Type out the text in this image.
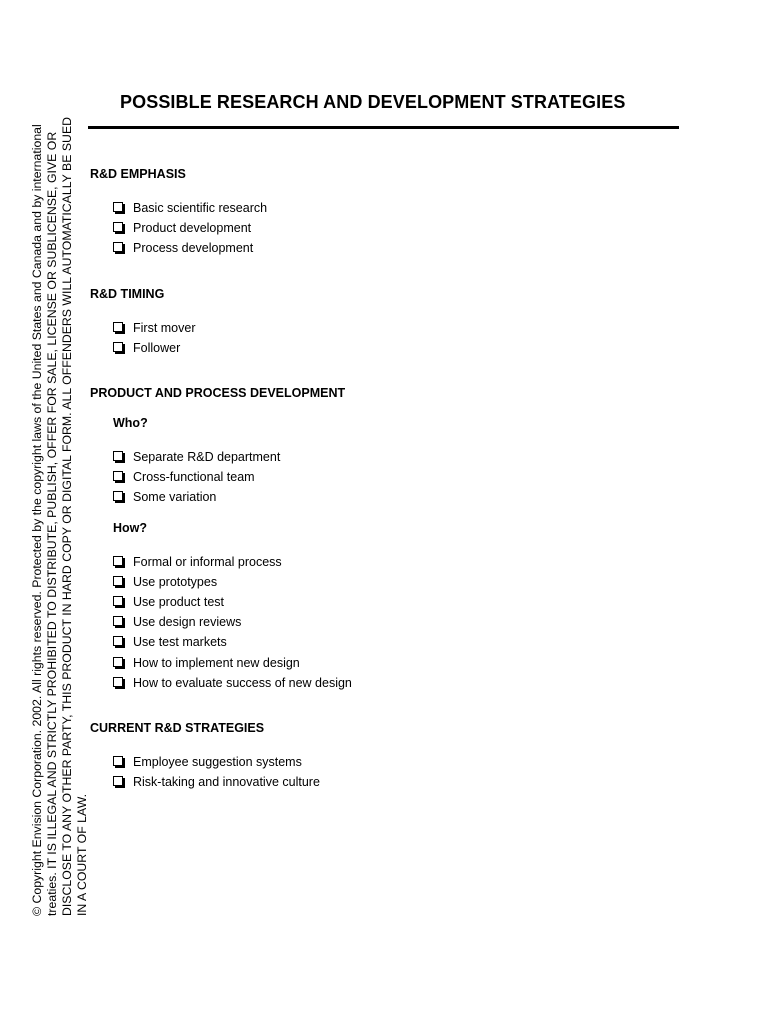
© Copyright Envision Corporation. 2002. All rights reserved. Protected by the copyright laws of the United States and Canada and by international treaties. IT IS ILLEGAL AND STRICTLY PROHIBITED TO DISTRIBUTE, PUBLISH, OFFER FOR SALE, LICENSE OR SUBLICENSE, GIVE OR DISCLOSE TO ANY OTHER PARTY, THIS PRODUCT IN HARD COPY OR DIGITAL FORM. ALL OFFENDERS WILL AUTOMATICALLY BE SUED IN A COURT OF LAW.
POSSIBLE RESEARCH AND DEVELOPMENT STRATEGIES
R&D EMPHASIS
Basic scientific research
Product development
Process development
R&D TIMING
First mover
Follower
PRODUCT AND PROCESS DEVELOPMENT
Who?
Separate R&D department
Cross-functional team
Some variation
How?
Formal or informal process
Use prototypes
Use product test
Use design reviews
Use test markets
How to implement new design
How to evaluate success of new design
CURRENT R&D STRATEGIES
Employee suggestion systems
Risk-taking and innovative culture
